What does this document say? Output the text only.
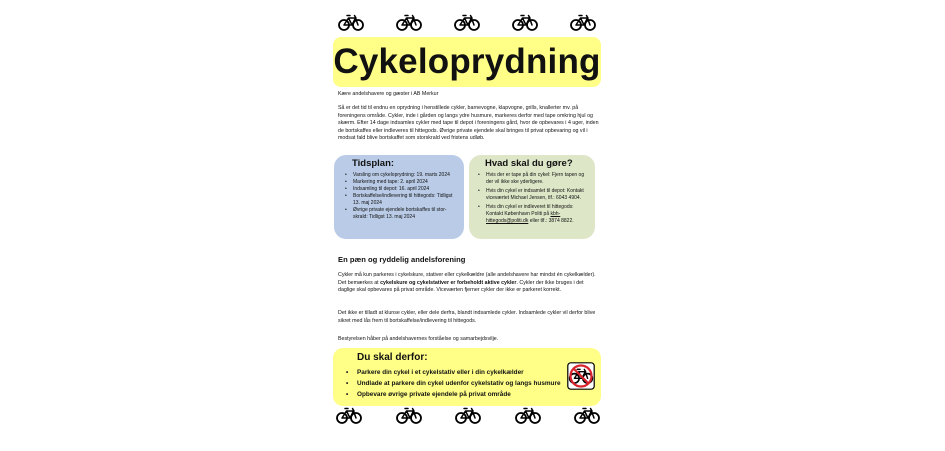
Cykeloprydning
Kære andelshavere og gæster i AB Merkur
Så er det tid til endnu en oprydning i henstillede cykler, barnevogne, klapvogne, grills, knallerter mv. på foreningens område. Cykler, inde i gården og langs ydre husmure, markeres derfor med tape omkring hjul og skærm. Efter 14 dage indsamles cykler med tape til depot i foreningens gård, hvor de opbevares i 4 uger, inden de bortskaffes eller indleveres til hittegods. Øvrige private ejendele skal bringes til privat opbevaring og vil i modsat fald blive bortskaffet som storskrald ved fristens udløb.
Tidsplan:
• Varsling om cykeloprydning: 19. marts 2024
• Markering med tape: 2. april 2024
• Indsamling til depot: 16. april 2024
• Bortskaffelse/indlevering til hittegods: Tidligst 13. maj 2024
• Øvrige private ejendele bortskaffes til stor-skrald: Tidligst 13. maj 2024
Hvad skal du gøre?
• Hvis der er tape på din cykel: Fjern tapen og der vil ikke ske yderligere.
• Hvis din cykel er indsamlet til depot: Kontakt viceværtet Michael Jensen, tlf.: 6043 4904.
• Hvis din cykel er indleveret til hittegods: Kontakt København Politi på kbh-hittegods@politi.dk eller tlf.: 3874 8822.
En pæn og ryddelig andelsforening
Cykler må kun parkeres i cykelskure, stativer eller cykelkældre (alle andelshavere har mindst én cykelkælder). Det bemærkes at cykelskure og cykelstativer er forbeholdt aktive cykler. Cykler der ikke bruges i det daglige skal opbevares på privat område. Viceværten fjerner cykler der ikke er parkeret korrekt.
Det ikke er tilladt at klunse cykler, eller dele derfra, blandt indsamlede cykler. Indsamlede cykler vil derfor blive sikret med lås frem til bortskaffelse/indlevering til hittegods.
Bestyrelsen håber på andelshavernes forståelse og samarbejdsvilje.
Du skal derfor:
• Parkere din cykel i et cykelstativ eller i din cykelkælder
• Undlade at parkere din cykel udenfor cykelstativ og langs husmure
• Opbevare øvrige private ejendele på privat område
